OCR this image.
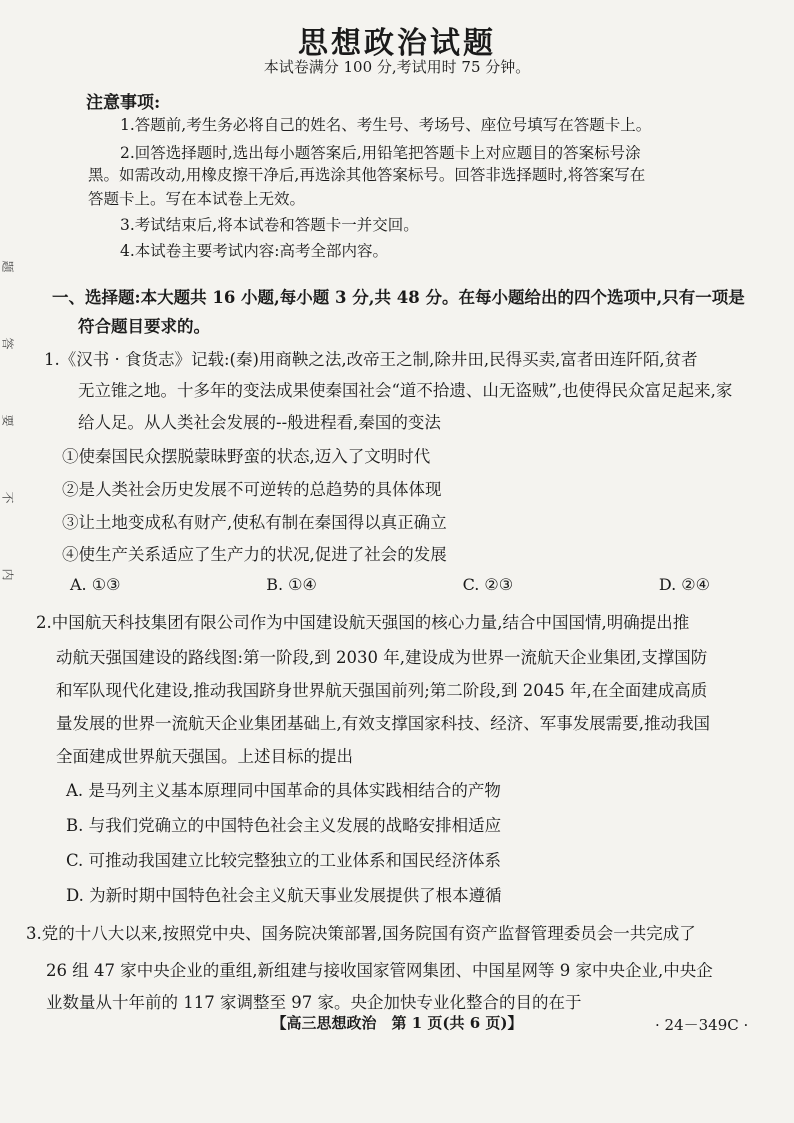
题
答
要
不
内
思想政治试题
本试卷满分 100 分,考试用时 75 分钟。
注意事项:
1.答题前,考生务必将自己的姓名、考生号、考场号、座位号填写在答题卡上。
2.回答选择题时,选出每小题答案后,用铅笔把答题卡上对应题目的答案标号涂
黑。如需改动,用橡皮擦干净后,再选涂其他答案标号。回答非选择题时,将答案写在
答题卡上。写在本试卷上无效。
3.考试结束后,将本试卷和答题卡一并交回。
4.本试卷主要考试内容:高考全部内容。
一、选择题:本大题共 16 小题,每小题 3 分,共 48 分。在每小题给出的四个选项中,只有一项是
符合题目要求的。
1.《汉书 · 食货志》记载:(秦)用商鞅之法,改帝王之制,除井田,民得买卖,富者田连阡陌,贫者
无立锥之地。十多年的变法成果使秦国社会“道不拾遗、山无盗贼”,也使得民众富足起来,家
给人足。从人类社会发展的--般进程看,秦国的变法
①使秦国民众摆脱蒙昧野蛮的状态,迈入了文明时代
②是人类社会历史发展不可逆转的总趋势的具体体现
③让土地变成私有财产,使私有制在秦国得以真正确立
④使生产关系适应了生产力的状况,促进了社会的发展
A. ①③	B. ①④	C. ②③	D. ②④
2.中国航天科技集团有限公司作为中国建设航天强国的核心力量,结合中国国情,明确提出推
动航天强国建设的路线图:第一阶段,到 2030 年,建设成为世界一流航天企业集团,支撑国防
和军队现代化建设,推动我国跻身世界航天强国前列;第二阶段,到 2045 年,在全面建成高质
量发展的世界一流航天企业集团基础上,有效支撑国家科技、经济、军事发展需要,推动我国
全面建成世界航天强国。上述目标的提出
A. 是马列主义基本原理同中国革命的具体实践相结合的产物
B. 与我们党确立的中国特色社会主义发展的战略安排相适应
C. 可推动我国建立比较完整独立的工业体系和国民经济体系
D. 为新时期中国特色社会主义航天事业发展提供了根本遵循
3.党的十八大以来,按照党中央、国务院决策部署,国务院国有资产监督管理委员会一共完成了
26 组 47 家中央企业的重组,新组建与接收国家管网集团、中国星网等 9 家中央企业,中央企
业数量从十年前的 117 家调整至 97 家。央企加快专业化整合的目的在于
【高三思想政治　第 1 页(共 6 页)】	· 24－349C ·
